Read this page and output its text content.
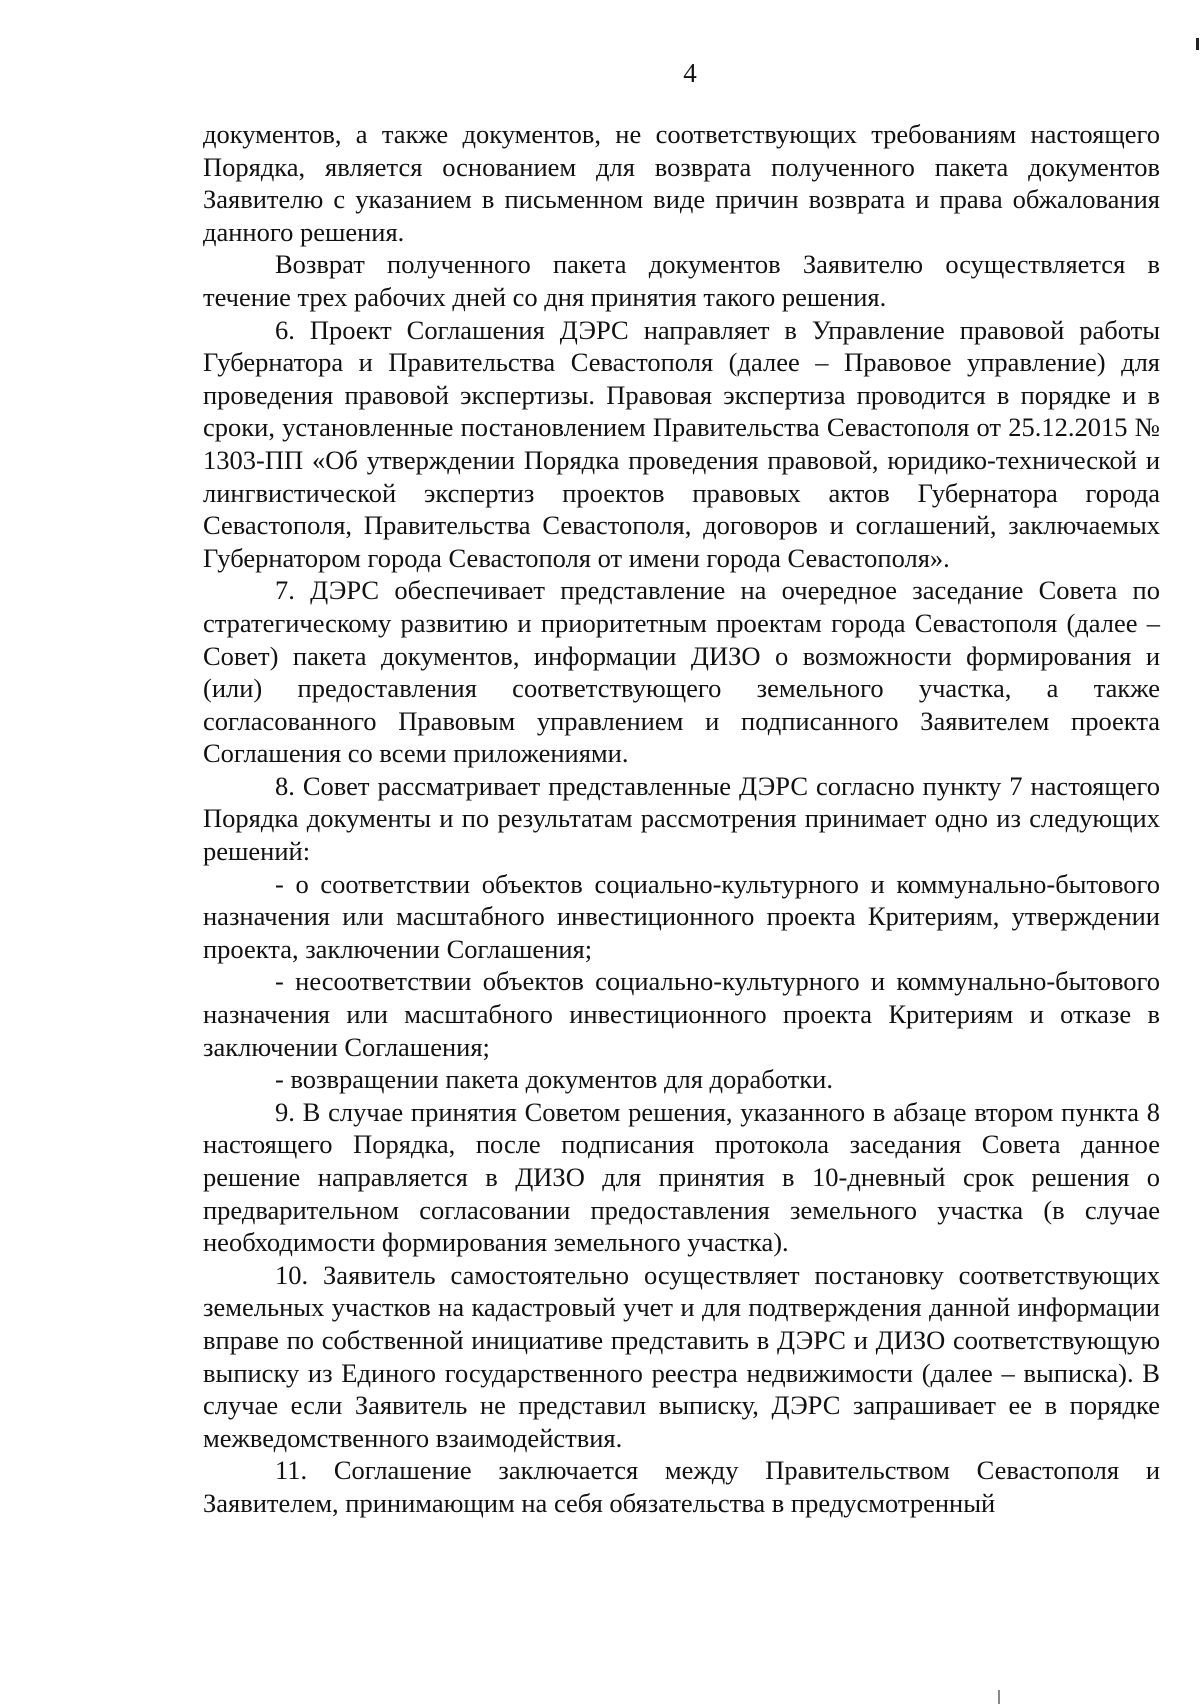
4

документов, а также документов, не соответствующих требованиям настоящего Порядка, является основанием для возврата полученного пакета документов Заявителю с указанием в письменном виде причин возврата и права обжалования данного решения.

Возврат полученного пакета документов Заявителю осуществляется в течение трех рабочих дней со дня принятия такого решения.

6. Проект Соглашения ДЭРС направляет в Управление правовой работы Губернатора и Правительства Севастополя (далее – Правовое управление) для проведения правовой экспертизы. Правовая экспертиза проводится в порядке и в сроки, установленные постановлением Правительства Севастополя от 25.12.2015 № 1303-ПП «Об утверждении Порядка проведения правовой, юридико-технической и лингвистической экспертиз проектов правовых актов Губернатора города Севастополя, Правительства Севастополя, договоров и соглашений, заключаемых Губернатором города Севастополя от имени города Севастополя».

7. ДЭРС обеспечивает представление на очередное заседание Совета по стратегическому развитию и приоритетным проектам города Севастополя (далее – Совет) пакета документов, информации ДИЗО о возможности формирования и (или) предоставления соответствующего земельного участка, а также согласованного Правовым управлением и подписанного Заявителем проекта Соглашения со всеми приложениями.

8. Совет рассматривает представленные ДЭРС согласно пункту 7 настоящего Порядка документы и по результатам рассмотрения принимает одно из следующих решений:

- о соответствии объектов социально-культурного и коммунально-бытового назначения или масштабного инвестиционного проекта Критериям, утверждении проекта, заключении Соглашения;

- несоответствии объектов социально-культурного и коммунально-бытового назначения или масштабного инвестиционного проекта Критериям и отказе в заключении Соглашения;

- возвращении пакета документов для доработки.

9. В случае принятия Советом решения, указанного в абзаце втором пункта 8 настоящего Порядка, после подписания протокола заседания Совета данное решение направляется в ДИЗО для принятия в 10-дневный срок решения о предварительном согласовании предоставления земельного участка (в случае необходимости формирования земельного участка).

10. Заявитель самостоятельно осуществляет постановку соответствующих земельных участков на кадастровый учет и для подтверждения данной информации вправе по собственной инициативе представить в ДЭРС и ДИЗО соответствующую выписку из Единого государственного реестра недвижимости (далее – выписка). В случае если Заявитель не представил выписку, ДЭРС запрашивает ее в порядке межведомственного взаимодействия.

11. Соглашение заключается между Правительством Севастополя и Заявителем, принимающим на себя обязательства в предусмотренный
